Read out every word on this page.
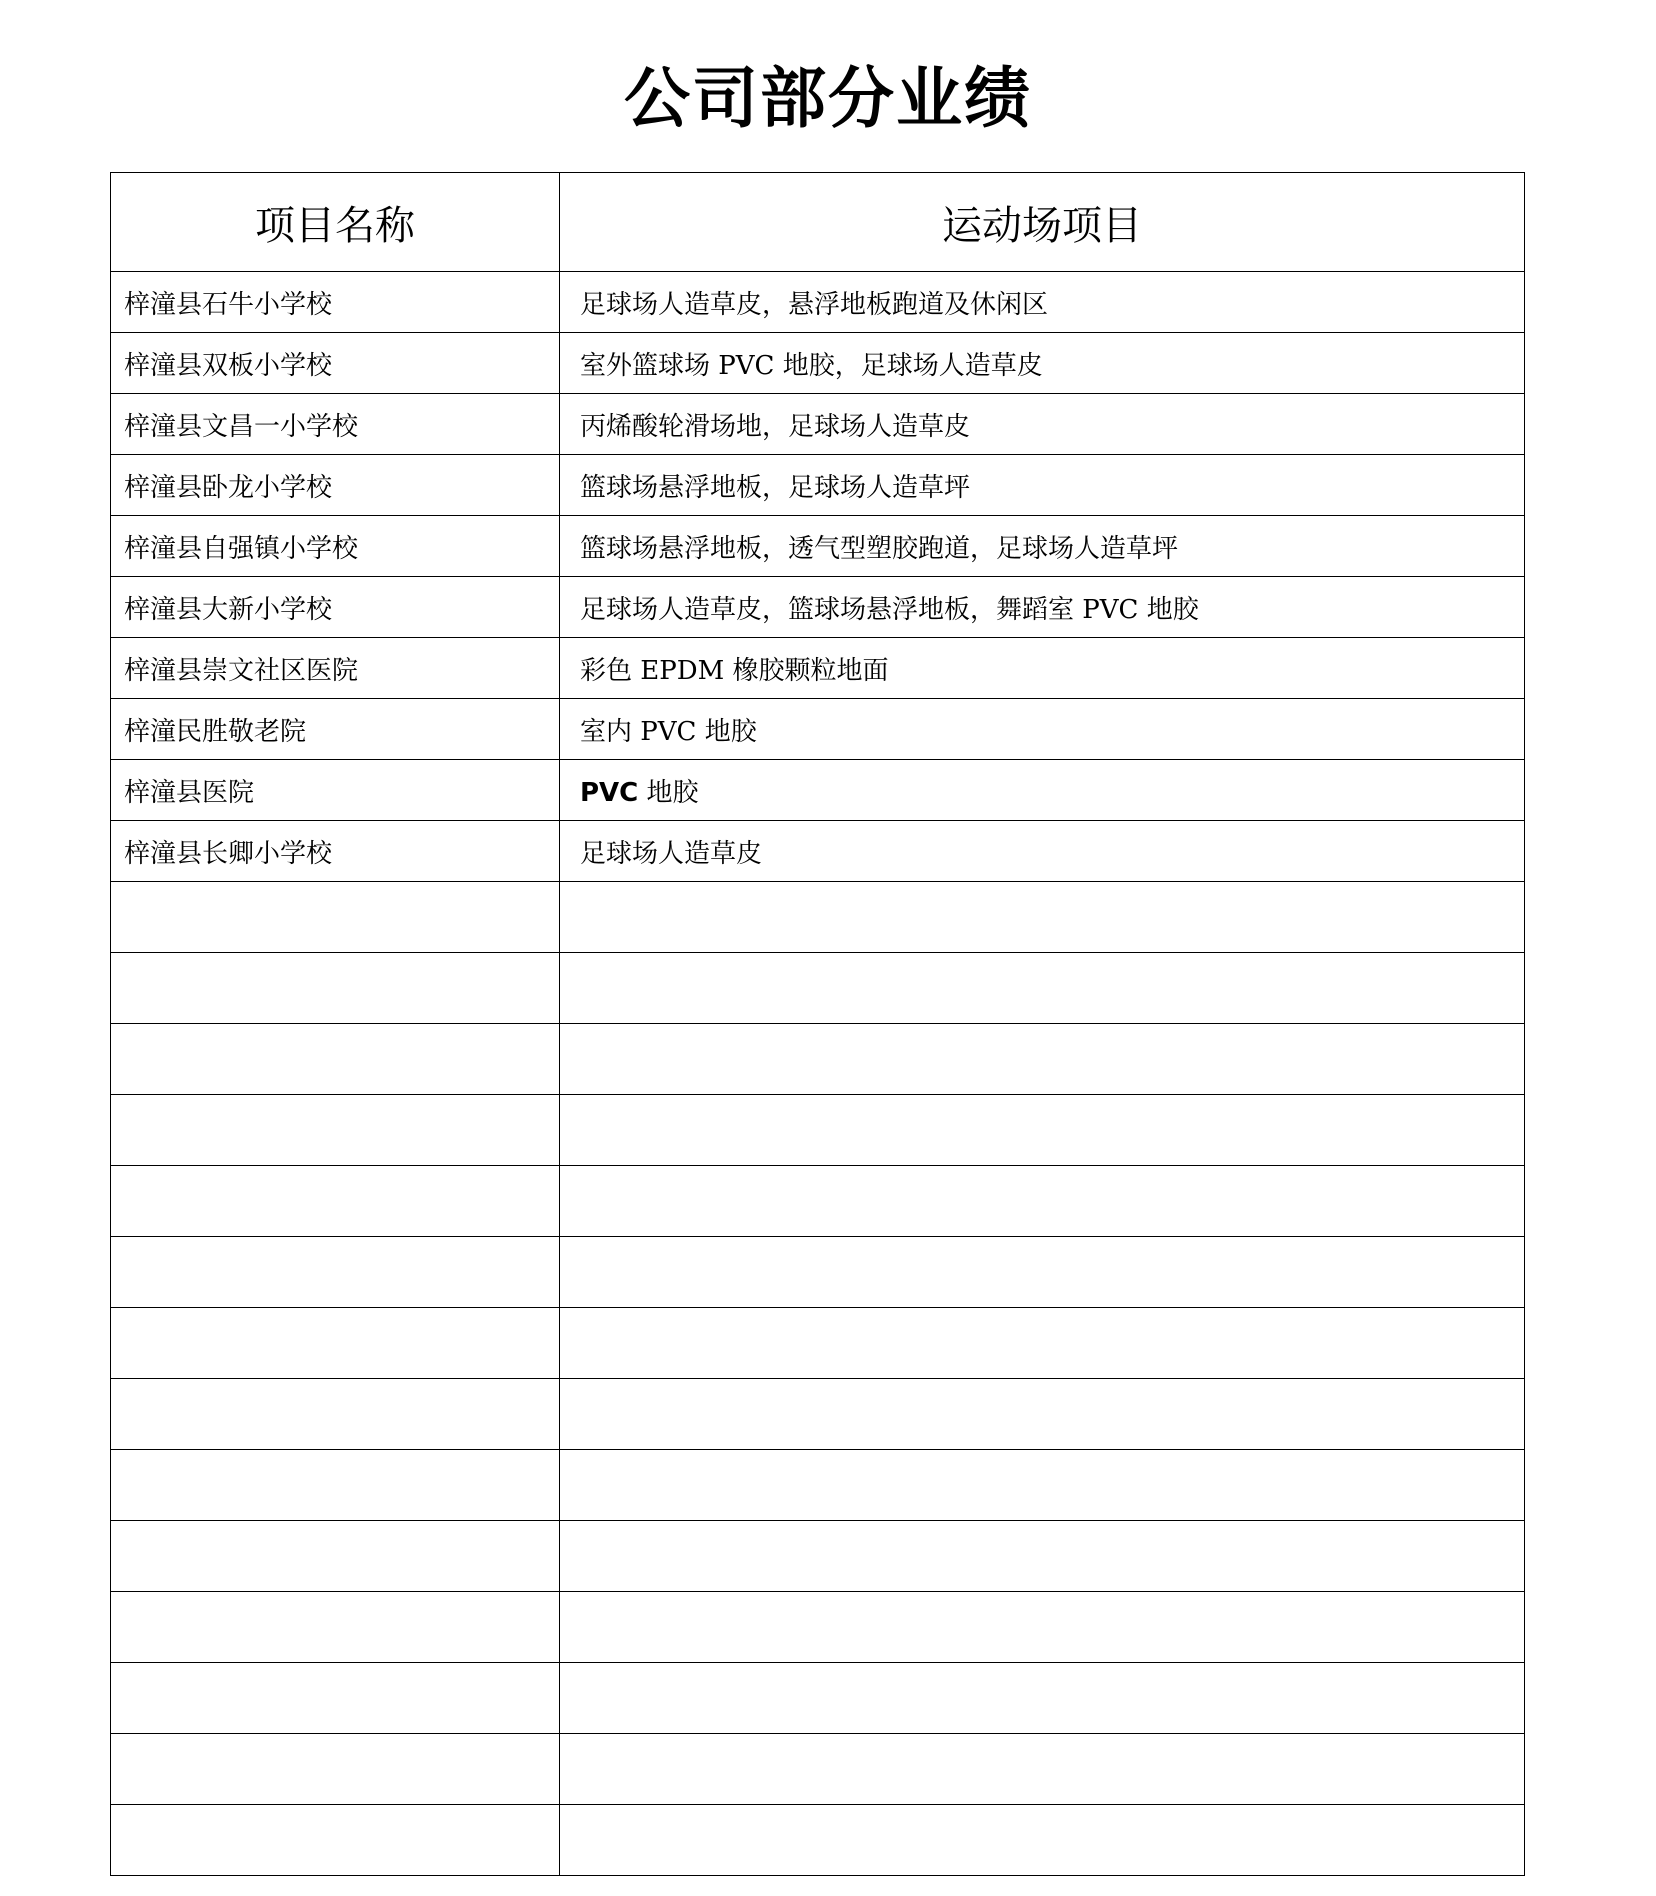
公司部分业绩
项目名称	运动场项目
梓潼县石牛小学校	足球场人造草皮，悬浮地板跑道及休闲区
梓潼县双板小学校	室外篮球场 PVC 地胶，足球场人造草皮
梓潼县文昌一小学校	丙烯酸轮滑场地，足球场人造草皮
梓潼县卧龙小学校	篮球场悬浮地板，足球场人造草坪
梓潼县自强镇小学校	篮球场悬浮地板，透气型塑胶跑道，足球场人造草坪
梓潼县大新小学校	足球场人造草皮，篮球场悬浮地板，舞蹈室 PVC 地胶
梓潼县崇文社区医院	彩色 EPDM 橡胶颗粒地面
梓潼民胜敬老院	室内 PVC 地胶
梓潼县医院	PVC 地胶
梓潼县长卿小学校	足球场人造草皮
